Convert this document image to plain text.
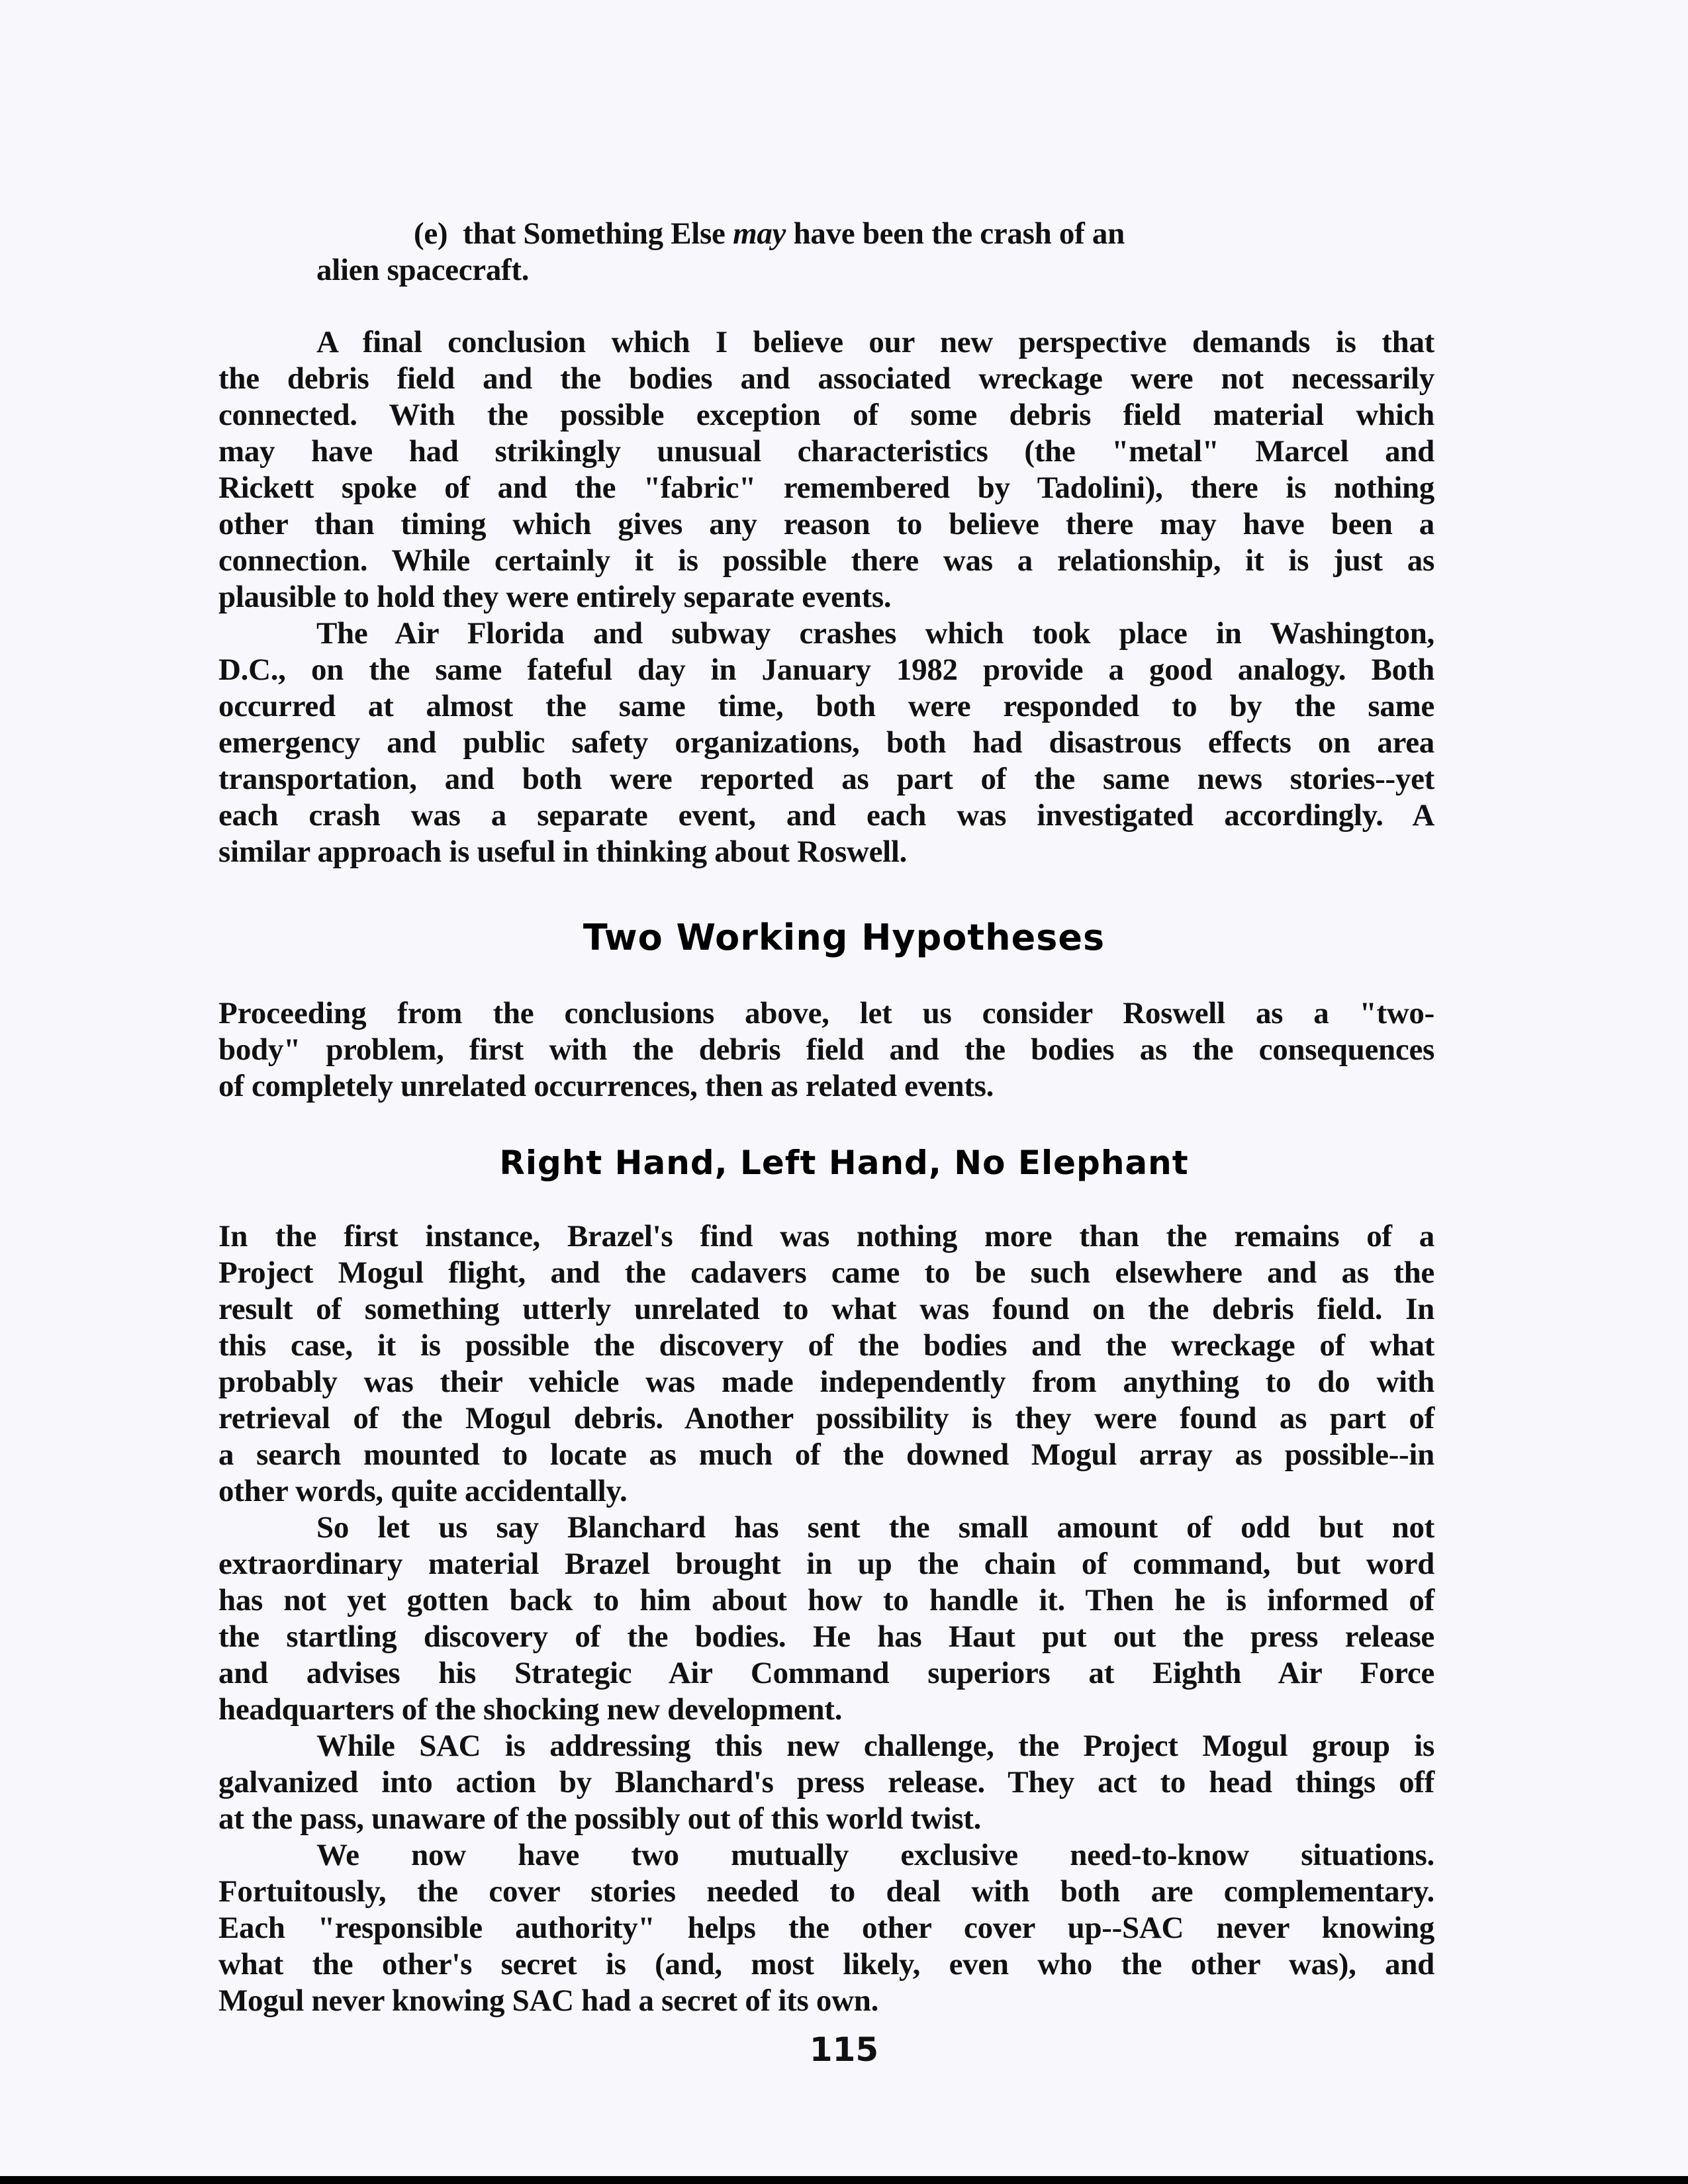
(e) that Something Else may have been the crash of an
alien spacecraft.
A final conclusion which I believe our new perspective demands is that
the debris field and the bodies and associated wreckage were not necessarily
connected. With the possible exception of some debris field material which
may have had strikingly unusual characteristics (the "metal" Marcel and
Rickett spoke of and the "fabric" remembered by Tadolini), there is nothing
other than timing which gives any reason to believe there may have been a
connection. While certainly it is possible there was a relationship, it is just as
plausible to hold they were entirely separate events.
The Air Florida and subway crashes which took place in Washington,
D.C., on the same fateful day in January 1982 provide a good analogy. Both
occurred at almost the same time, both were responded to by the same
emergency and public safety organizations, both had disastrous effects on area
transportation, and both were reported as part of the same news stories--yet
each crash was a separate event, and each was investigated accordingly. A
similar approach is useful in thinking about Roswell.
Two Working Hypotheses
Proceeding from the conclusions above, let us consider Roswell as a "two-
body" problem, first with the debris field and the bodies as the consequences
of completely unrelated occurrences, then as related events.
Right Hand, Left Hand, No Elephant
In the first instance, Brazel's find was nothing more than the remains of a
Project Mogul flight, and the cadavers came to be such elsewhere and as the
result of something utterly unrelated to what was found on the debris field. In
this case, it is possible the discovery of the bodies and the wreckage of what
probably was their vehicle was made independently from anything to do with
retrieval of the Mogul debris. Another possibility is they were found as part of
a search mounted to locate as much of the downed Mogul array as possible--in
other words, quite accidentally.
So let us say Blanchard has sent the small amount of odd but not
extraordinary material Brazel brought in up the chain of command, but word
has not yet gotten back to him about how to handle it. Then he is informed of
the startling discovery of the bodies. He has Haut put out the press release
and advises his Strategic Air Command superiors at Eighth Air Force
headquarters of the shocking new development.
While SAC is addressing this new challenge, the Project Mogul group is
galvanized into action by Blanchard's press release. They act to head things off
at the pass, unaware of the possibly out of this world twist.
We now have two mutually exclusive need-to-know situations.
Fortuitously, the cover stories needed to deal with both are complementary.
Each "responsible authority" helps the other cover up--SAC never knowing
what the other's secret is (and, most likely, even who the other was), and
Mogul never knowing SAC had a secret of its own.
115
